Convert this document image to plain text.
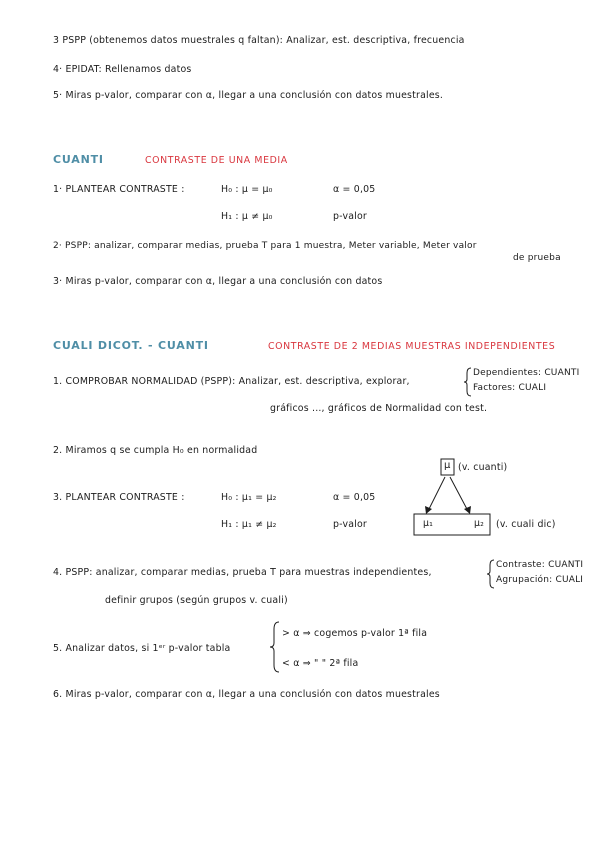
3 PSPP (obtenemos datos muestrales q faltan): Analizar, est. descriptiva, frecuencia
4· EPIDAT: Rellenamos datos
5· Miras p-valor, comparar con α, llegar a una conclusión con datos muestrales.
CUANTI	CONTRASTE DE UNA MEDIA
1· PLANTEAR CONTRASTE :	H₀ : μ = μ₀	α = 0,05
H₁ : μ ≠ μ₀	p-valor
2· PSPP: analizar, comparar medias, prueba T para 1 muestra, Meter variable, Meter valor
de prueba
3· Miras p-valor, comparar con α, llegar a una conclusión con datos
CUALI DICOT. - CUANTI	CONTRASTE DE 2 MEDIAS MUESTRAS INDEPENDIENTES
1. COMPROBAR NORMALIDAD (PSPP): Analizar, est. descriptiva, explorar,
Dependientes: CUANTI
Factores: CUALI
gráficos ..., gráficos de Normalidad con test.
2. Miramos q se cumpla H₀ en normalidad
μ (v. cuanti)
μ₁	μ₂ (v. cuali dic)
3. PLANTEAR CONTRASTE :	H₀ : μ₁ = μ₂	α = 0,05
H₁ : μ₁ ≠ μ₂	p-valor
4. PSPP: analizar, comparar medias, prueba T para muestras independientes,
Contraste: CUANTI
Agrupación: CUALI
definir grupos (según grupos v. cuali)
5. Analizar datos, si 1ᵉʳ p-valor tabla
> α ⇒ cogemos p-valor 1ª fila
< α ⇒ " " 2ª fila
6. Miras p-valor, comparar con α, llegar a una conclusión con datos muestrales
